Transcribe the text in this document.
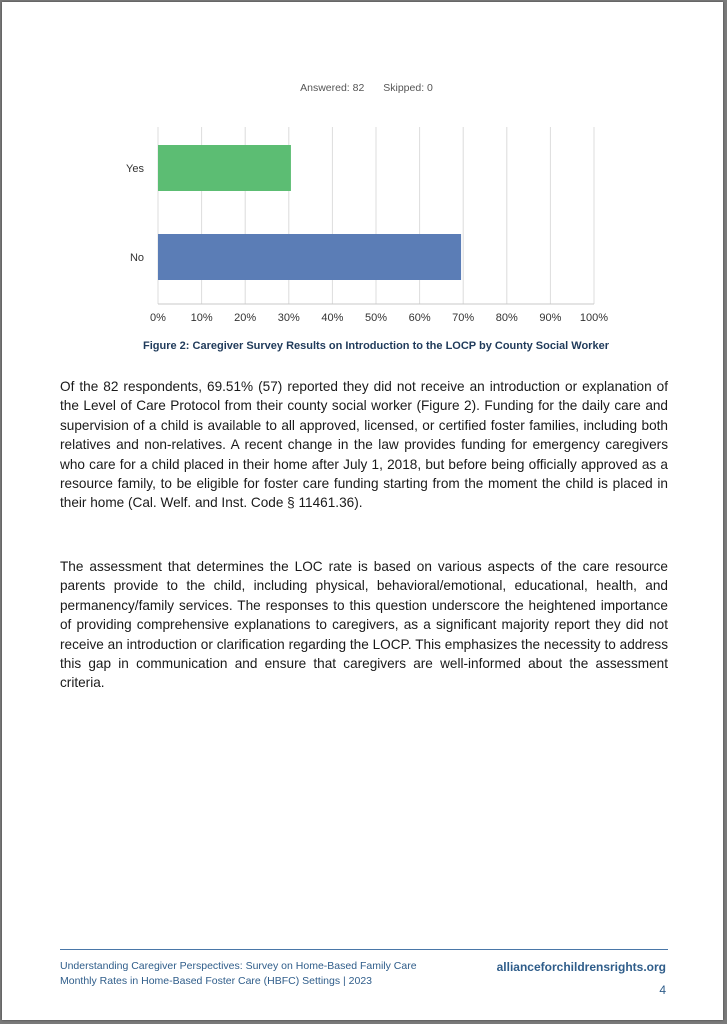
Answered: 82 Skipped: 0
Yes
No
0% 10% 20% 30% 40% 50% 60% 70% 80% 90% 100%
Figure 2: Caregiver Survey Results on Introduction to the LOCP by County Social Worker

Of the 82 respondents, 69.51% (57) reported they did not receive an introduction or explanation of the Level of Care Protocol from their county social worker (Figure 2). Funding for the daily care and supervision of a child is available to all approved, licensed, or certified foster families, including both relatives and non-relatives. A recent change in the law provides funding for emergency caregivers who care for a child placed in their home after July 1, 2018, but before being officially approved as a resource family, to be eligible for foster care funding starting from the moment the child is placed in their home (Cal. Welf. and Inst. Code § 11461.36).

The assessment that determines the LOC rate is based on various aspects of the care resource parents provide to the child, including physical, behavioral/emotional, educational, health, and permanency/family services. The responses to this question underscore the heightened importance of providing comprehensive explanations to caregivers, as a significant majority report they did not receive an introduction or clarification regarding the LOCP. This emphasizes the necessity to address this gap in communication and ensure that caregivers are well-informed about the assessment criteria.

Understanding Caregiver Perspectives: Survey on Home-Based Family Care
Monthly Rates in Home-Based Foster Care (HBFC) Settings | 2023
allianceforchildrensrights.org
4
